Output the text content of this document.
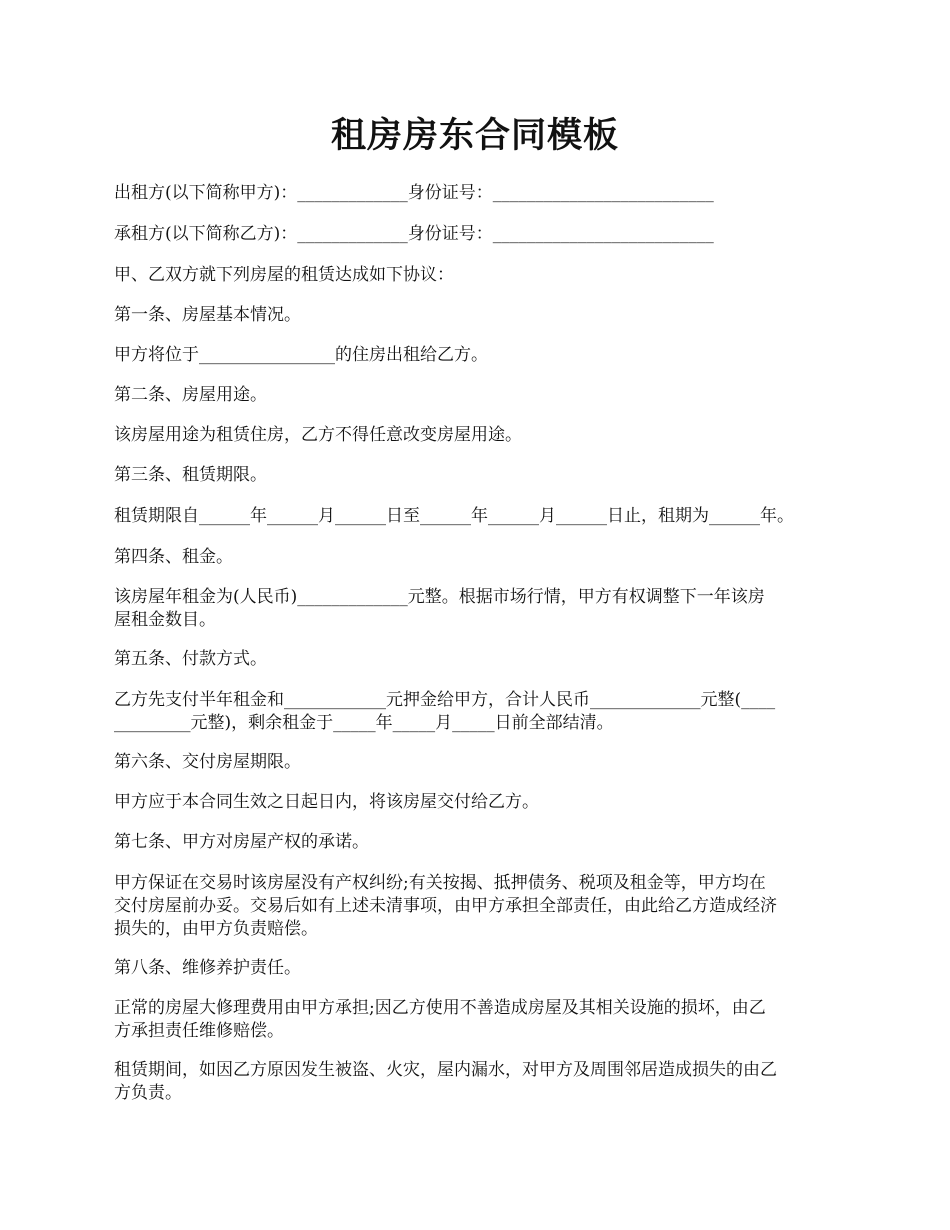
租房房东合同模板
出租方(以下简称甲方)：_____________身份证号：__________________________
承租方(以下简称乙方)：_____________身份证号：__________________________
甲、乙双方就下列房屋的租赁达成如下协议：
第一条、房屋基本情况。
甲方将位于________________的住房出租给乙方。
第二条、房屋用途。
该房屋用途为租赁住房，乙方不得任意改变房屋用途。
第三条、租赁期限。
租赁期限自______年______月______日至______年______月______日止，租期为______年。
第四条、租金。
该房屋年租金为(人民币)_____________元整。根据市场行情，甲方有权调整下一年该房
屋租金数目。
第五条、付款方式。
乙方先支付半年租金和____________元押金给甲方，合计人民币_____________元整(____
_________元整)，剩余租金于_____年_____月_____日前全部结清。
第六条、交付房屋期限。
甲方应于本合同生效之日起日内，将该房屋交付给乙方。
第七条、甲方对房屋产权的承诺。
甲方保证在交易时该房屋没有产权纠纷;有关按揭、抵押债务、税项及租金等，甲方均在
交付房屋前办妥。交易后如有上述未清事项，由甲方承担全部责任，由此给乙方造成经济
损失的，由甲方负责赔偿。
第八条、维修养护责任。
正常的房屋大修理费用由甲方承担;因乙方使用不善造成房屋及其相关设施的损坏，由乙
方承担责任维修赔偿。
租赁期间，如因乙方原因发生被盗、火灾，屋内漏水，对甲方及周围邻居造成损失的由乙
方负责。
